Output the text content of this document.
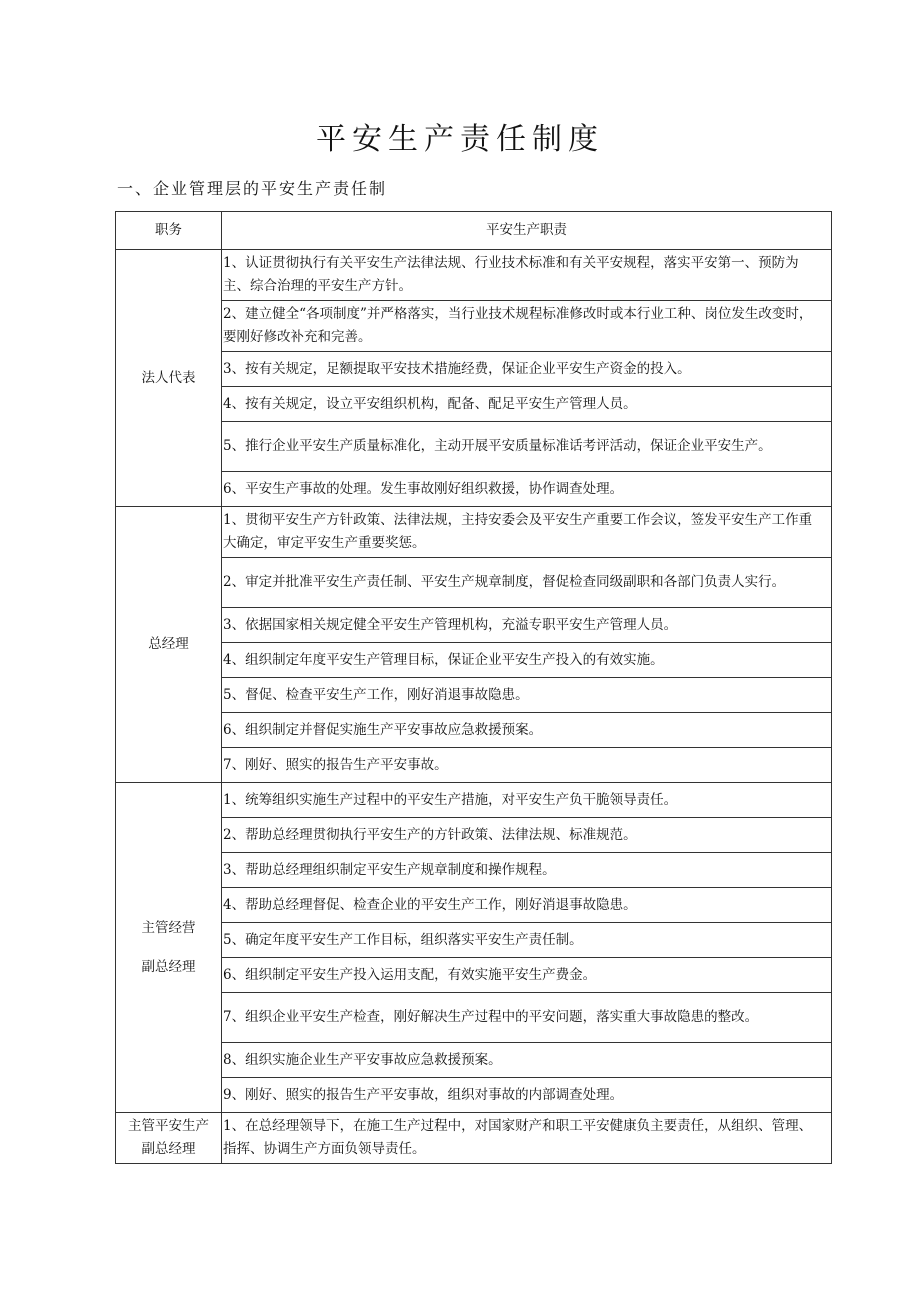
平安生产责任制度
一、企业管理层的平安生产责任制
职务	平安生产职责

法人代表	1、认证贯彻执行有关平安生产法律法规、行业技术标准和有关平安规程，落实平安第一、预防为主、综合治理的平安生产方针。
	2、建立健全“各项制度”并严格落实，当行业技术规程标准修改时或本行业工种、岗位发生改变时，要刚好修改补充和完善。
	3、按有关规定，足额提取平安技术措施经费，保证企业平安生产资金的投入。
	4、按有关规定，设立平安组织机构，配备、配足平安生产管理人员。
	5、推行企业平安生产质量标准化，主动开展平安质量标准话考评活动，保证企业平安生产。
	6、平安生产事故的处理。发生事故刚好组织救援，协作调查处理。

总经理	1、贯彻平安生产方针政策、法律法规，主持安委会及平安生产重要工作会议，签发平安生产工作重大确定，审定平安生产重要奖惩。
	2、审定并批准平安生产责任制、平安生产规章制度，督促检查同级副职和各部门负责人实行。
	3、依据国家相关规定健全平安生产管理机构，充溢专职平安生产管理人员。
	4、组织制定年度平安生产管理目标，保证企业平安生产投入的有效实施。
	5、督促、检查平安生产工作，刚好消退事故隐患。
	6、组织制定并督促实施生产平安事故应急救援预案。
	7、刚好、照实的报告生产平安事故。

主管经营
副总经理	1、统筹组织实施生产过程中的平安生产措施，对平安生产负干脆领导责任。
	2、帮助总经理贯彻执行平安生产的方针政策、法律法规、标准规范。
	3、帮助总经理组织制定平安生产规章制度和操作规程。
	4、帮助总经理督促、检查企业的平安生产工作，刚好消退事故隐患。
	5、确定年度平安生产工作目标，组织落实平安生产责任制。
	6、组织制定平安生产投入运用支配，有效实施平安生产费金。
	7、组织企业平安生产检查，刚好解决生产过程中的平安问题，落实重大事故隐患的整改。
	8、组织实施企业生产平安事故应急救援预案。
	9、刚好、照实的报告生产平安事故，组织对事故的内部调查处理。

主管平安生产
副总经理	1、在总经理领导下，在施工生产过程中，对国家财产和职工平安健康负主要责任，从组织、管理、指挥、协调生产方面负领导责任。
